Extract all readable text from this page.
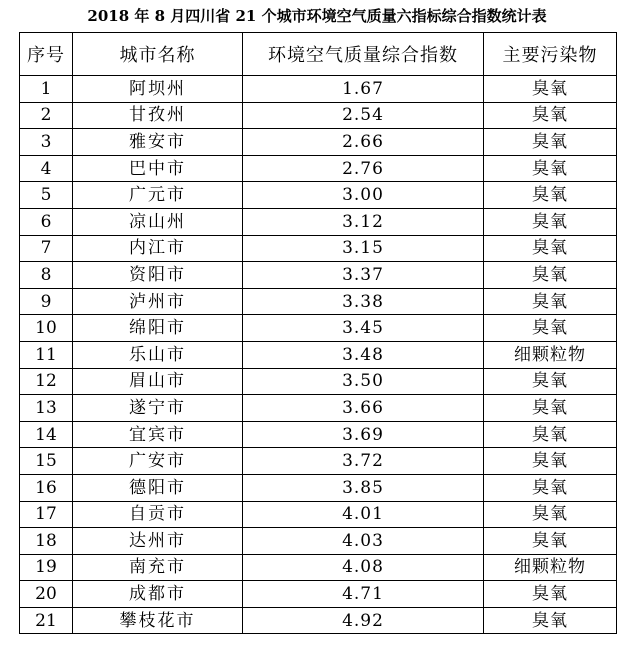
2018 年 8 月四川省 21 个城市环境空气质量六指标综合指数统计表
序号	城市名称	环境空气质量综合指数	主要污染物
1	阿坝州	1.67	臭氧
2	甘孜州	2.54	臭氧
3	雅安市	2.66	臭氧
4	巴中市	2.76	臭氧
5	广元市	3.00	臭氧
6	凉山州	3.12	臭氧
7	内江市	3.15	臭氧
8	资阳市	3.37	臭氧
9	泸州市	3.38	臭氧
10	绵阳市	3.45	臭氧
11	乐山市	3.48	细颗粒物
12	眉山市	3.50	臭氧
13	遂宁市	3.66	臭氧
14	宜宾市	3.69	臭氧
15	广安市	3.72	臭氧
16	德阳市	3.85	臭氧
17	自贡市	4.01	臭氧
18	达州市	4.03	臭氧
19	南充市	4.08	细颗粒物
20	成都市	4.71	臭氧
21	攀枝花市	4.92	臭氧
